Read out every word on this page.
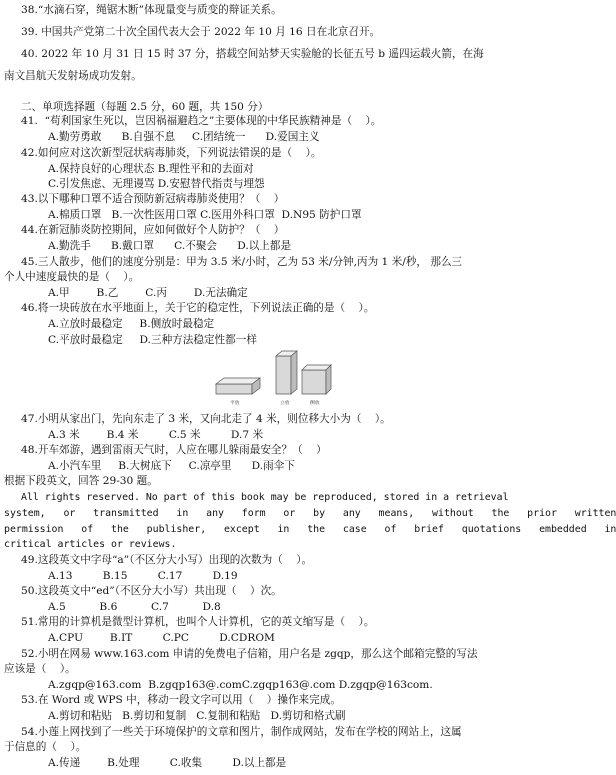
38.“水滴石穿，绳锯木断”体现量变与质变的辩证关系。
39. 中国共产党第二十次全国代表大会于 2022 年 10 月 16 日在北京召开。
40. 2022 年 10 月 31 日 15 时 37 分，搭载空间站梦天实验舱的长征五号 b 遥四运载火箭，在海
南文昌航天发射场成功发射。
二、单项选择题（每题 2.5 分，60 题，共 150 分）
41.  “苟利国家生死以，岂因祸福避趋之”主要体现的中华民族精神是（    ）。
A.勤劳勇敢      B.自强不息     C.团结统一      D.爱国主义
42.如何应对这次新型冠状病毒肺炎，下列说法错误的是（    ）。
A.保持良好的心理状态 B.理性平和的去面对
C.引发焦虑、无理谩骂 D.安慰替代指责与埋怨
43.以下哪种口罩不适合预防新冠病毒肺炎使用？（    ）
A.棉质口罩   B.一次性医用口罩 C.医用外科口罩  D.N95 防护口罩
44.在新冠肺炎防控期间，应如何做好个人防护？（    ）
A.勤洗手      B.戴口罩      C.不聚会      D.以上都是
45.三人散步，他们的速度分别是：甲为 3.5 米/小时，乙为 53 米/分钟,丙为 1 米/秒， 那么三
个人中速度最快的是（    ）。
A.甲        B.乙        C.丙        D.无法确定
46.将一块砖放在水平地面上，关于它的稳定性，下列说法正确的是（    ）。
A.立放时最稳定     B.侧放时最稳定
C.平放时最稳定     D.三种方法稳定性都一样
平放	立放	侧放
47.小明从家出门，先向东走了 3 米，又向北走了 4 米，则位移大小为（    ）。
A.3 米        B.4 米         C.5 米         D.7 米
48.开车郊游，遇到雷雨天气时，人应在哪儿躲雨最安全？（    ）
A.小汽车里     B.大树底下     C.凉亭里      D.雨伞下
根据下段英文，回答 29-30 题。
All rights reserved. No part of this book may be reproduced, stored in a retrieval
system,   or   transmitted   in   any   form   or   by   any   means,   without   the   prior   written
permission   of   the   publisher,   except   in   the   case   of   brief   quotations   embedded   in
critical articles or reviews.
49.这段英文中字母“a”（不区分大小写）出现的次数为（    ）。
A.13         B.15         C.17         D.19
50.这段英文中“ed”（不区分大小写）共出现（    ）次。
A.5          B.6          C.7          D.8
51.常用的计算机是微型计算机，也叫个人计算机，它的英文缩写是（    ）。
A.CPU        B.IT         C.PC         D.CDROM
52.小明在网易 www.163.com 申请的免费电子信箱，用户名是 zgqp，那么这个邮箱完整的写法
应该是（    ）。
A.zgqp@163.com  B.zgqp163@.comC.zgqp163@.com D.zgqp@163com.
53.在 Word 或 WPS 中，移动一段文字可以用（    ）操作来完成。
A.剪切和粘贴   B.剪切和复制   C.复制和粘贴   D.剪切和格式刷
54.小莲上网找到了一些关于环境保护的文章和图片，制作成网站，发布在学校的网站上，这属
于信息的（    ）。
A.传递        B.处理         C.收集         D.以上都是
